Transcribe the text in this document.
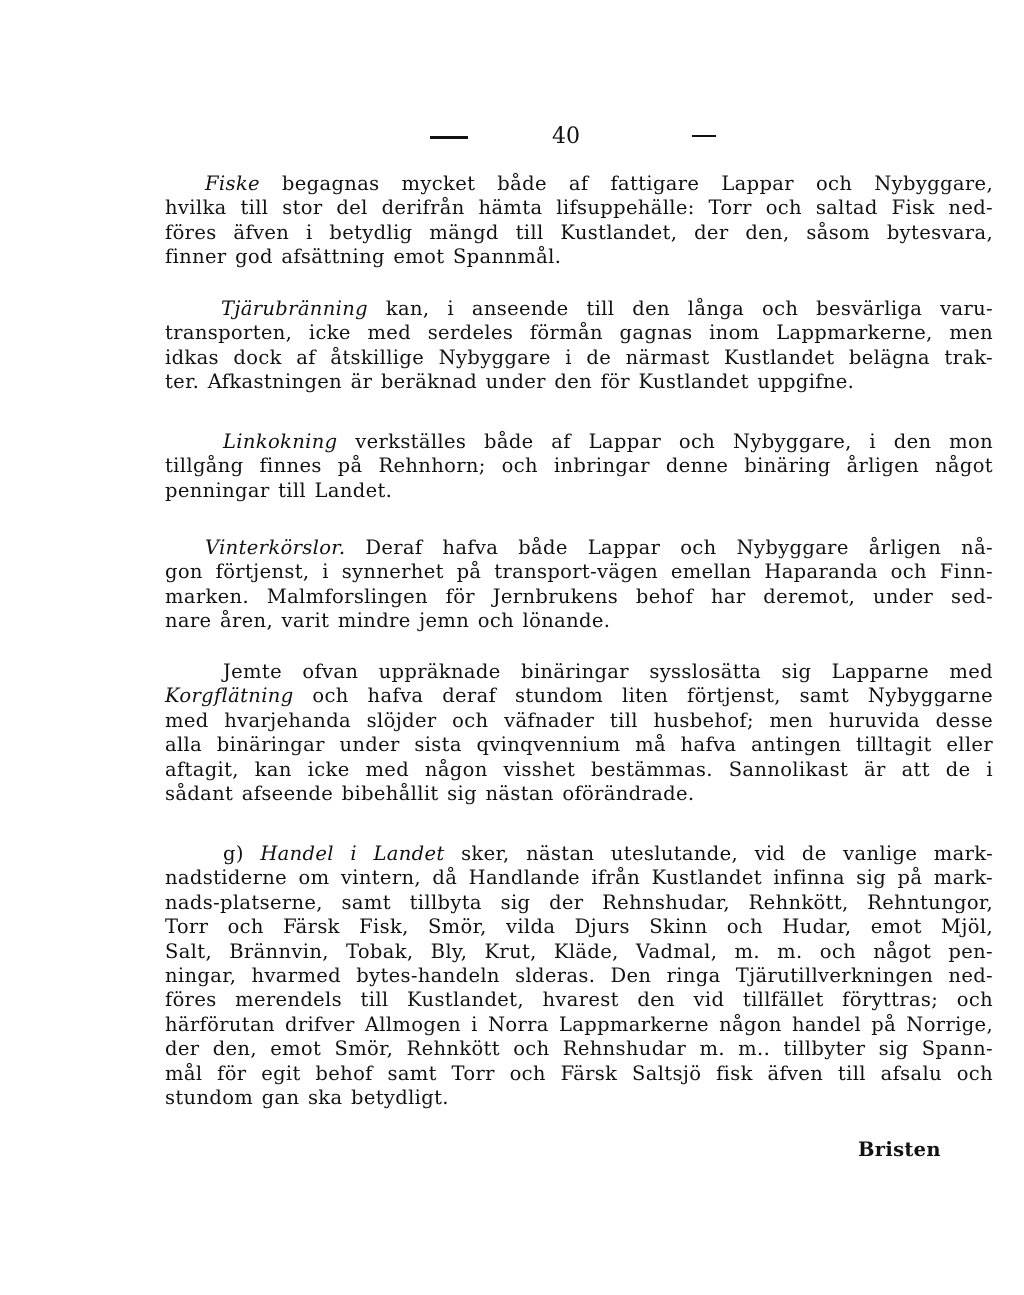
40
Fiske begagnas mycket både af fattigare Lappar och Nybyggare,
hvilka till stor del derifrån hämta lifsuppehälle: Torr och saltad Fisk ned-
föres äfven i betydlig mängd till Kustlandet, der den, såsom bytesvara,
finner god afsättning emot Spannmål.
Tjärubränning kan, i anseende till den långa och besvärliga varu-
transporten, icke med serdeles förmån gagnas inom Lappmarkerne, men
idkas dock af åtskillige Nybyggare i de närmast Kustlandet belägna trak-
ter. Afkastningen är beräknad under den för Kustlandet uppgifne.
Linkokning verkställes både af Lappar och Nybyggare, i den mon
tillgång finnes på Rehnhorn; och inbringar denne binäring årligen något
penningar till Landet.
Vinterkörslor. Deraf hafva både Lappar och Nybyggare årligen nå-
gon förtjenst, i synnerhet på transport-vägen emellan Haparanda och Finn-
marken. Malmforslingen för Jernbrukens behof har deremot, under sed-
nare åren, varit mindre jemn och lönande.
Jemte ofvan uppräknade binäringar sysslosätta sig Lapparne med
Korgflätning och hafva deraf stundom liten förtjenst, samt Nybyggarne
med hvarjehanda slöjder och väfnader till husbehof; men huruvida desse
alla binäringar under sista qvinqvennium må hafva antingen tilltagit eller
aftagit, kan icke med någon visshet bestämmas. Sannolikast är att de i
sådant afseende bibehållit sig nästan oförändrade.
g) Handel i Landet sker, nästan uteslutande, vid de vanlige mark-
nadstiderne om vintern, då Handlande ifrån Kustlandet infinna sig på mark-
nads-platserne, samt tillbyta sig der Rehnshudar, Rehnkött, Rehntungor,
Torr och Färsk Fisk, Smör, vilda Djurs Skinn och Hudar, emot Mjöl,
Salt, Brännvin, Tobak, Bly, Krut, Kläde, Vadmal, m. m. och något pen-
ningar, hvarmed bytes-handeln slderas. Den ringa Tjärutillverkningen ned-
föres merendels till Kustlandet, hvarest den vid tillfället föryttras; och
härförutan drifver Allmogen i Norra Lappmarkerne någon handel på Norrige,
der den, emot Smör, Rehnkött och Rehnshudar m. m.. tillbyter sig Spann-
mål för egit behof samt Torr och Färsk Saltsjö fisk äfven till afsalu och
stundom gan ska betydligt.
Bristen
